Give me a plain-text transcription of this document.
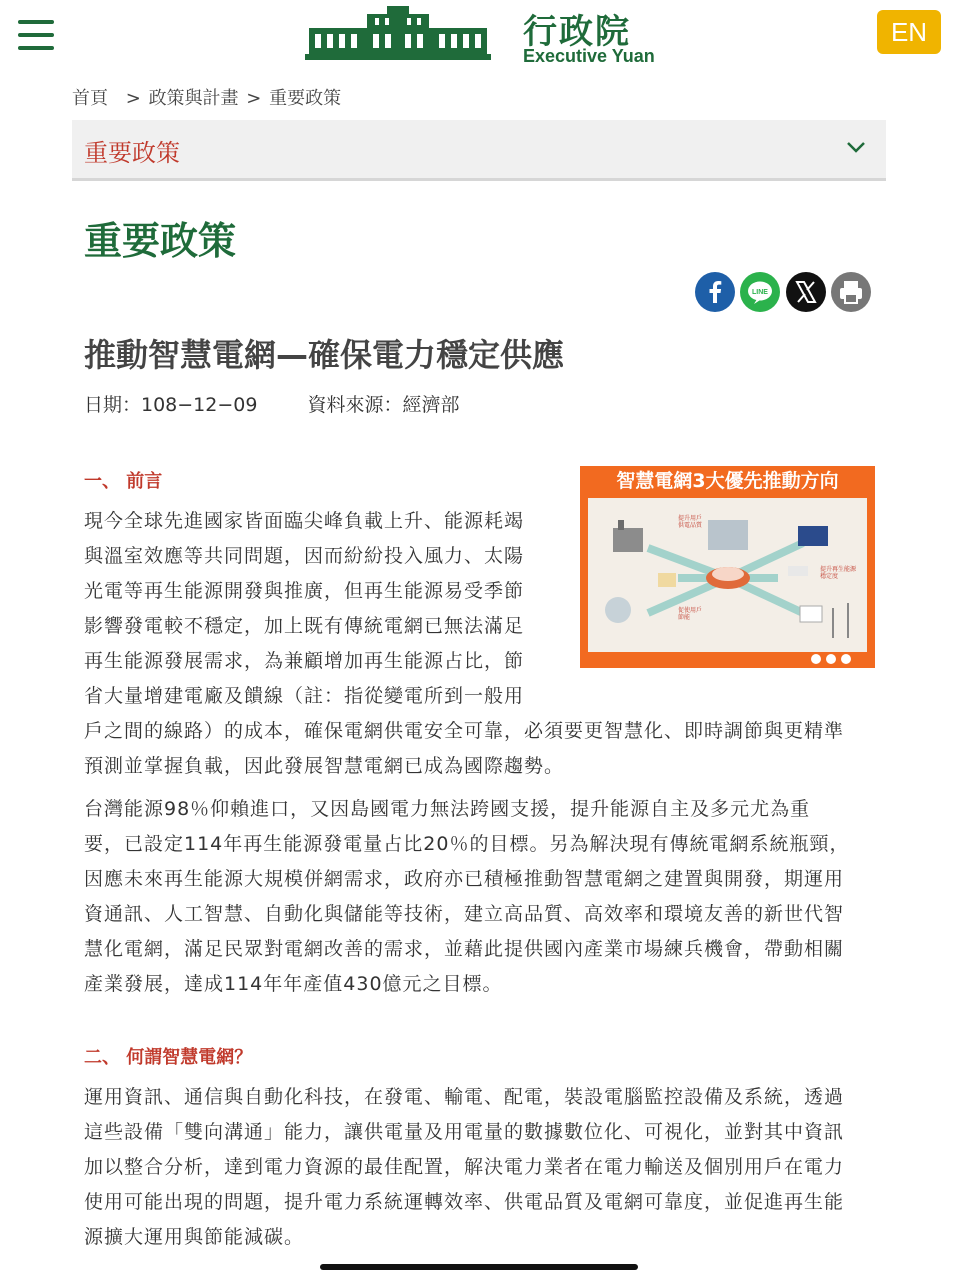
行政院
Executive Yuan
EN
首頁 > 政策與計畫 > 重要政策
重要政策
重要政策
LINE
推動智慧電網—確保電力穩定供應
日期：108−12−09	資料來源：經濟部
一、 前言	智慧電網3大優先推動方向
提升用戶
供電品質
提升再生能源
穩定度
促使用戶
節能
現今全球先進國家皆面臨尖峰負載上升、能源耗竭
與溫室效應等共同問題，因而紛紛投入風力、太陽
光電等再生能源開發與推廣，但再生能源易受季節
影響發電較不穩定，加上既有傳統電網已無法滿足
再生能源發展需求，為兼顧增加再生能源占比，節
省大量增建電廠及饋線（註：指從變電所到一般用
戶之間的線路）的成本，確保電網供電安全可靠，必須要更智慧化、即時調節與更精準
預測並掌握負載，因此發展智慧電網已成為國際趨勢。
台灣能源98％仰賴進口，又因島國電力無法跨國支援，提升能源自主及多元尤為重
要，已設定114年再生能源發電量占比20％的目標。另為解決現有傳統電網系統瓶頸，
因應未來再生能源大規模併網需求，政府亦已積極推動智慧電網之建置與開發，期運用
資通訊、人工智慧、自動化與儲能等技術，建立高品質、高效率和環境友善的新世代智
慧化電網，滿足民眾對電網改善的需求，並藉此提供國內產業市場練兵機會，帶動相關
產業發展，達成114年年產值430億元之目標。
二、 何謂智慧電網？
運用資訊、通信與自動化科技，在發電、輸電、配電，裝設電腦監控設備及系統，透過
這些設備「雙向溝通」能力，讓供電量及用電量的數據數位化、可視化，並對其中資訊
加以整合分析，達到電力資源的最佳配置，解決電力業者在電力輸送及個別用戶在電力
使用可能出現的問題，提升電力系統運轉效率、供電品質及電網可靠度，並促進再生能
源擴大運用與節能減碳。
